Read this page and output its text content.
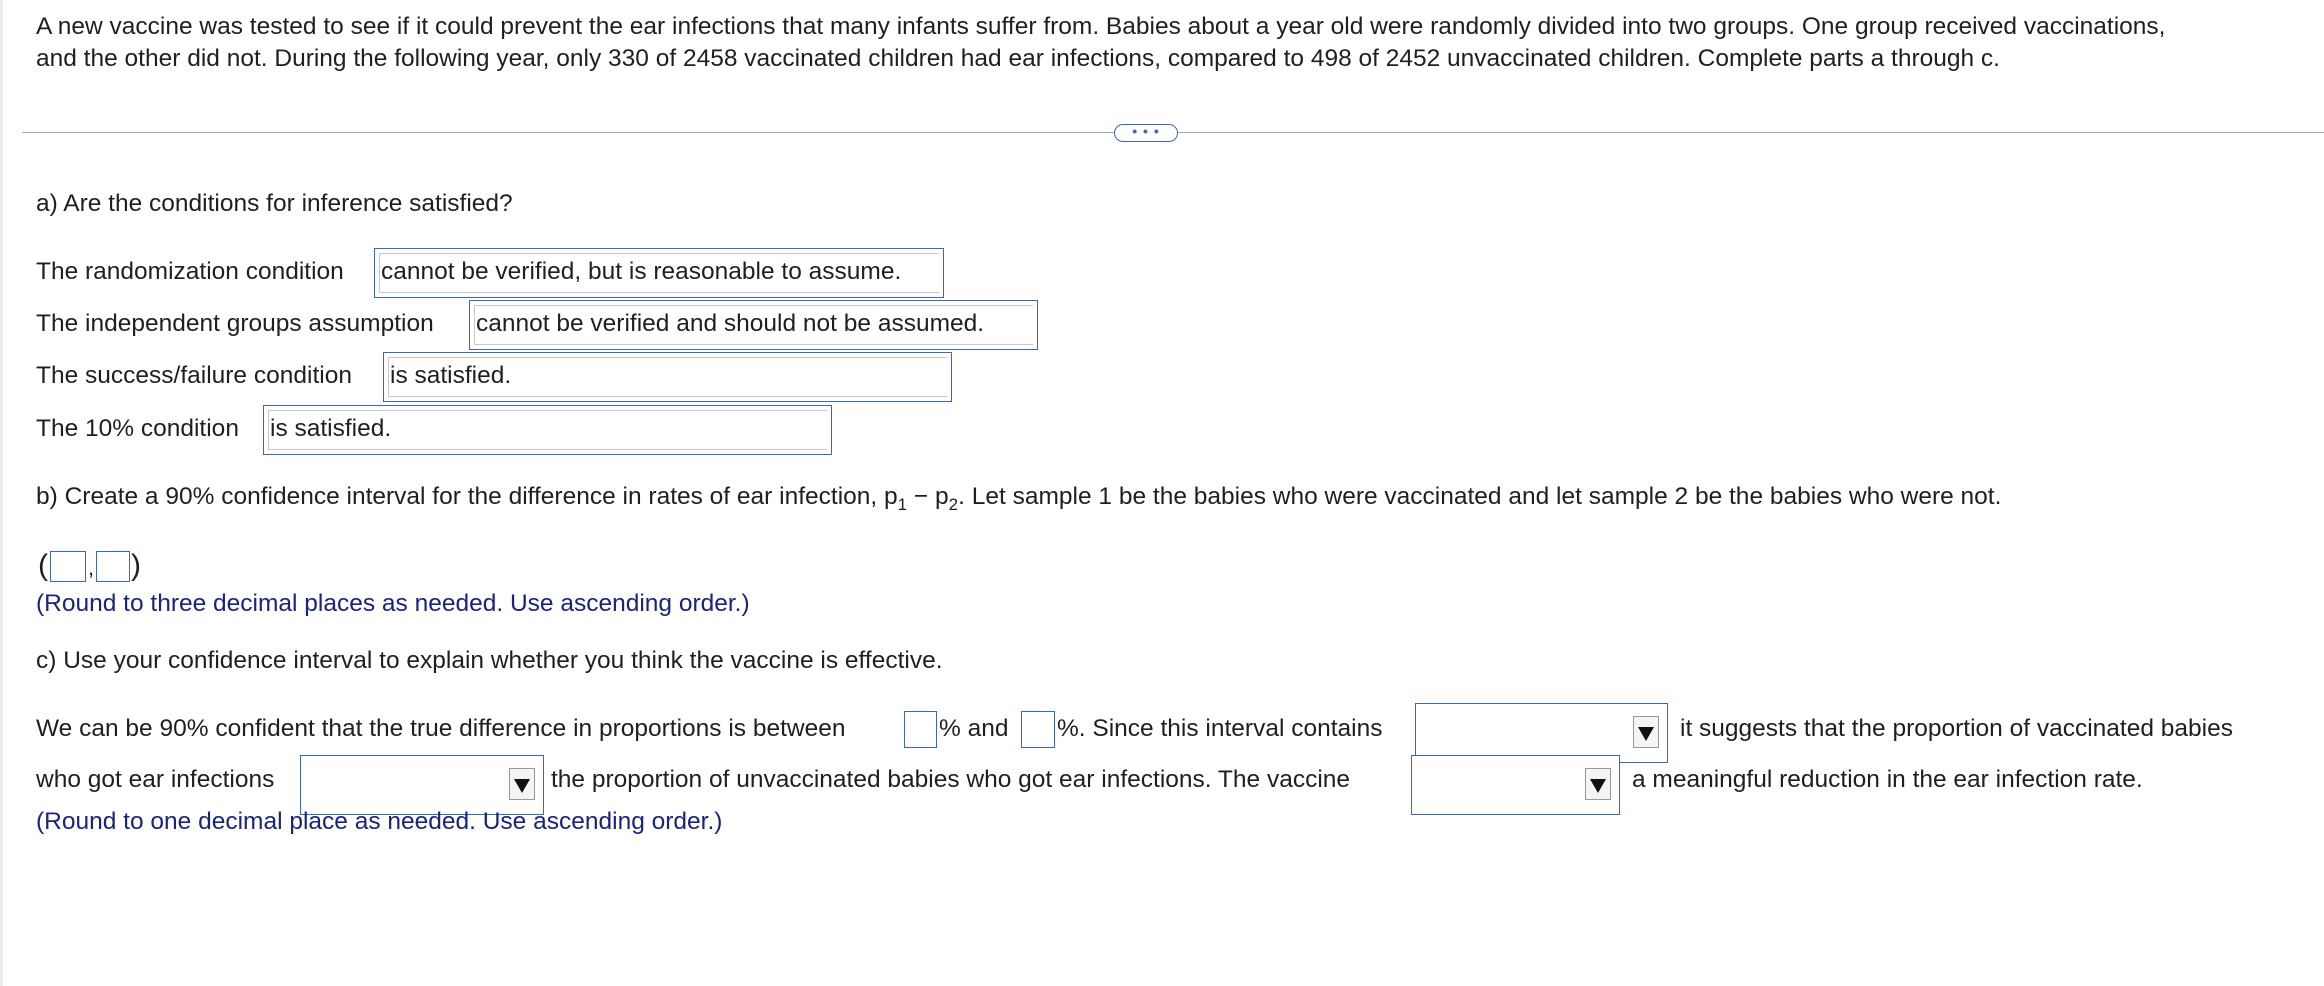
A new vaccine was tested to see if it could prevent the ear infections that many infants suffer from. Babies about a year old were randomly divided into two groups. One group received vaccinations,
and the other did not. During the following year, only 330 of 2458 vaccinated children had ear infections, compared to 498 of 2452 unvaccinated children. Complete parts a through c.
• • •
a) Are the conditions for inference satisfied?
The randomization condition cannot be verified, but is reasonable to assume.
The independent groups assumption cannot be verified and should not be assumed.
The success/failure condition is satisfied.
The 10% condition is satisfied.
b) Create a 90% confidence interval for the difference in rates of ear infection, $p_1 - p_2$. Let sample 1 be the babies who were vaccinated and let sample 2 be the babies who were not.
( , )
(Round to three decimal places as needed. Use ascending order.)
c) Use your confidence interval to explain whether you think the vaccine is effective.
We can be 90% confident that the true difference in proportions is between	% and %. Since this interval contains	it suggests that the proportion of vaccinated babies
who got ear infections	the proportion of unvaccinated babies who got ear infections. The vaccine	a meaningful reduction in the ear infection rate.
(Round to one decimal place as needed. Use ascending order.)
